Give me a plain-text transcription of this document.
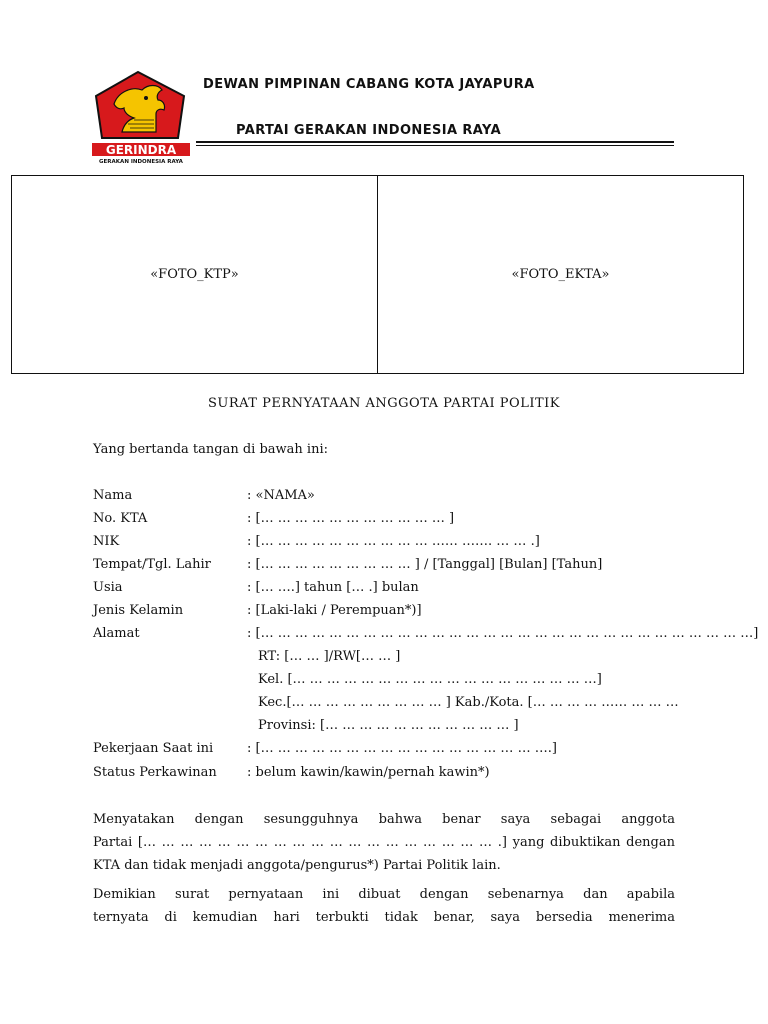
GERINDRA
GERAKAN INDONESIA RAYA
DEWAN PIMPINAN CABANG KOTA JAYAPURA
PARTAI GERAKAN INDONESIA RAYA
«FOTO_KTP»	«FOTO_EKTA»
SURAT PERNYATAAN ANGGOTA PARTAI POLITIK
Yang bertanda tangan di bawah ini:
Nama	: «NAMA»
No. KTA	: [… … … … … … … … … … … ]
NIK	: [… … … … … … … … … … …… ……. … … .]
Tempat/Tgl. Lahir	: [… … … … … … … … … ] / [Tanggal] [Bulan] [Tahun]
Usia	: [… ….] tahun [… .] bulan
Jenis Kelamin	: [Laki-laki / Perempuan*)]
Alamat	: [… … … … … … … … … … … … … … … … … … … … … … … … … … … … …]
RT: [… … ]/RW[… … ]
Kel. [… … … … … … … … … … … … … … … … … …]
Kec.[… … … … … … … … … ] Kab./Kota. [… … … … …… … … …
Provinsi: [… … … … … … … … … … … ]
Pekerjaan Saat ini	: [… … … … … … … … … … … … … … … … ….]
Status Perkawinan : belum kawin/kawin/pernah kawin*)
Menyatakan dengan sesungguhnya bahwa benar saya sebagai anggota
Partai [… … … … … … … … … … … … … … … … … … … .] yang dibuktikan dengan
KTA dan tidak menjadi anggota/pengurus*) Partai Politik lain.
Demikian surat pernyataan ini dibuat dengan sebenarnya dan apabila
ternyata di kemudian hari terbukti tidak benar, saya bersedia menerima
